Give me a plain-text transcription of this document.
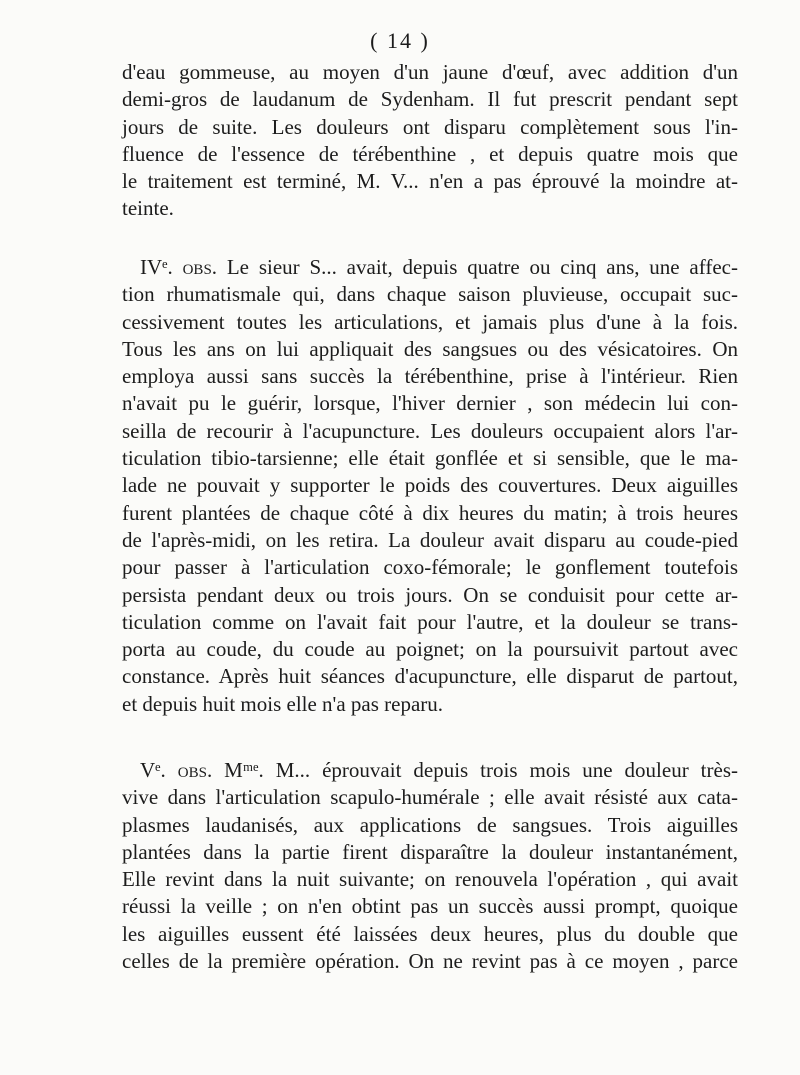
( 14 )
d'eau gommeuse, au moyen d'un jaune d'œuf, avec addition d'un
demi-gros de laudanum de Sydenham. Il fut prescrit pendant sept
jours de suite. Les douleurs ont disparu complètement sous l'in-
fluence de l'essence de térébenthine , et depuis quatre mois que
le traitement est terminé, M. V... n'en a pas éprouvé la moindre at-
teinte.
IVᵉ. obs. Le sieur S... avait, depuis quatre ou cinq ans, une affec-
tion rhumatismale qui, dans chaque saison pluvieuse, occupait suc-
cessivement toutes les articulations, et jamais plus d'une à la fois.
Tous les ans on lui appliquait des sangsues ou des vésicatoires. On
employa aussi sans succès la térébenthine, prise à l'intérieur. Rien
n'avait pu le guérir, lorsque, l'hiver dernier , son médecin lui con-
seilla de recourir à l'acupuncture. Les douleurs occupaient alors l'ar-
ticulation tibio-tarsienne; elle était gonflée et si sensible, que le ma-
lade ne pouvait y supporter le poids des couvertures. Deux aiguilles
furent plantées de chaque côté à dix heures du matin; à trois heures
de l'après-midi, on les retira. La douleur avait disparu au coude-pied
pour passer à l'articulation coxo-fémorale; le gonflement toutefois
persista pendant deux ou trois jours. On se conduisit pour cette ar-
ticulation comme on l'avait fait pour l'autre, et la douleur se trans-
porta au coude, du coude au poignet; on la poursuivit partout avec
constance. Après huit séances d'acupuncture, elle disparut de partout,
et depuis huit mois elle n'a pas reparu.
Vᵉ. obs. Mᵐᵉ. M... éprouvait depuis trois mois une douleur très-
vive dans l'articulation scapulo-humérale ; elle avait résisté aux cata-
plasmes laudanisés, aux applications de sangsues. Trois aiguilles
plantées dans la partie firent disparaître la douleur instantanément,
Elle revint dans la nuit suivante; on renouvela l'opération , qui avait
réussi la veille ; on n'en obtint pas un succès aussi prompt, quoique
les aiguilles eussent été laissées deux heures, plus du double que
celles de la première opération. On ne revint pas à ce moyen , parce
